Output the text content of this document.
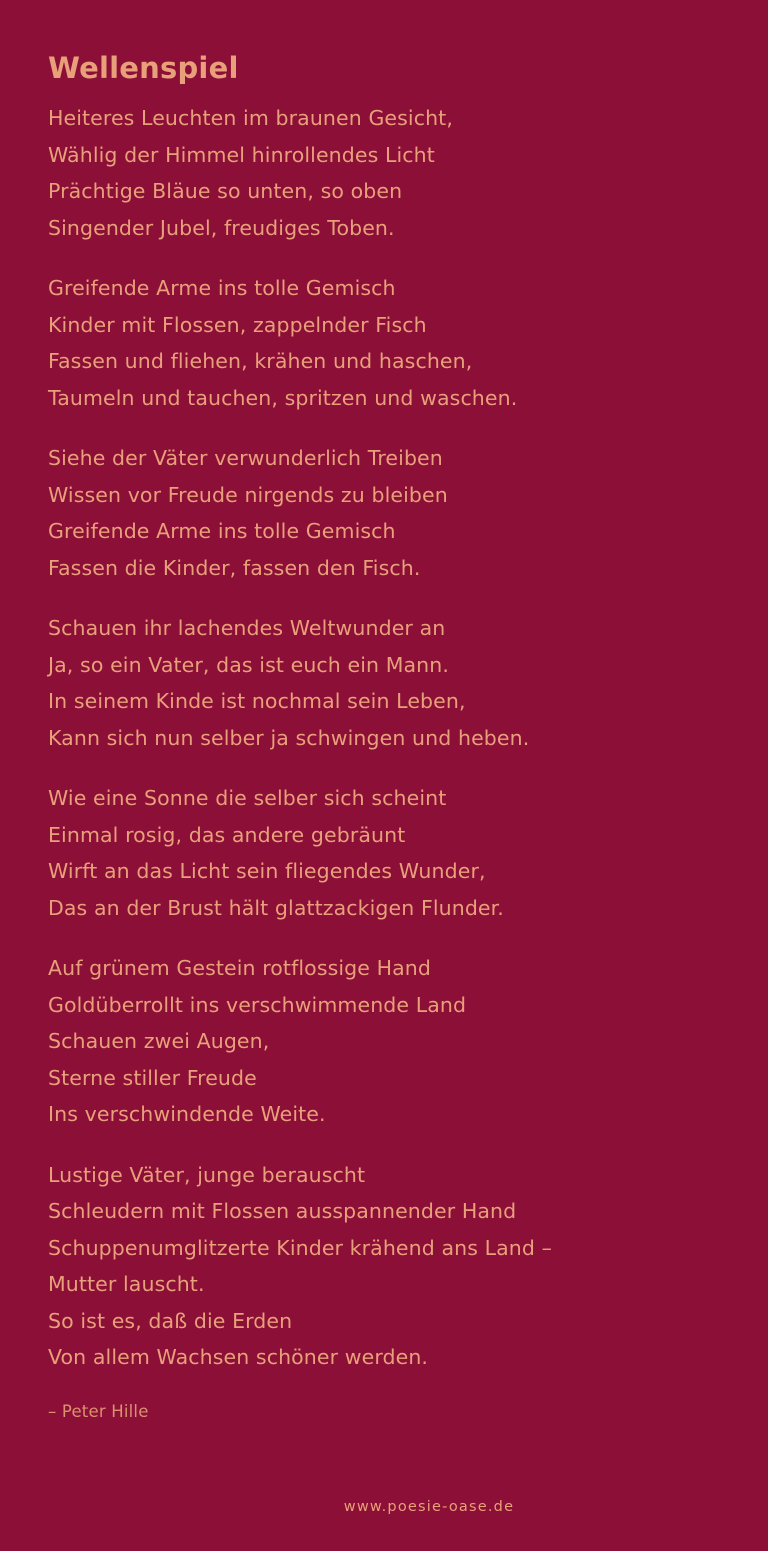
Wellenspiel
Heiteres Leuchten im braunen Gesicht,
Wählig der Himmel hinrollendes Licht
Prächtige Bläue so unten, so oben
Singender Jubel, freudiges Toben.
Greifende Arme ins tolle Gemisch
Kinder mit Flossen, zappelnder Fisch
Fassen und fliehen, krähen und haschen,
Taumeln und tauchen, spritzen und waschen.
Siehe der Väter verwunderlich Treiben
Wissen vor Freude nirgends zu bleiben
Greifende Arme ins tolle Gemisch
Fassen die Kinder, fassen den Fisch.
Schauen ihr lachendes Weltwunder an
Ja, so ein Vater, das ist euch ein Mann.
In seinem Kinde ist nochmal sein Leben,
Kann sich nun selber ja schwingen und heben.
Wie eine Sonne die selber sich scheint
Einmal rosig, das andere gebräunt
Wirft an das Licht sein fliegendes Wunder,
Das an der Brust hält glattzackigen Flunder.
Auf grünem Gestein rotflossige Hand
Goldüberrollt ins verschwimmende Land
Schauen zwei Augen,
Sterne stiller Freude
Ins verschwindende Weite.
Lustige Väter, junge berauscht
Schleudern mit Flossen ausspannender Hand
Schuppenumglitzerte Kinder krähend ans Land –
Mutter lauscht.
So ist es, daß die Erden
Von allem Wachsen schöner werden.
– Peter Hille
www.poesie-oase.de
